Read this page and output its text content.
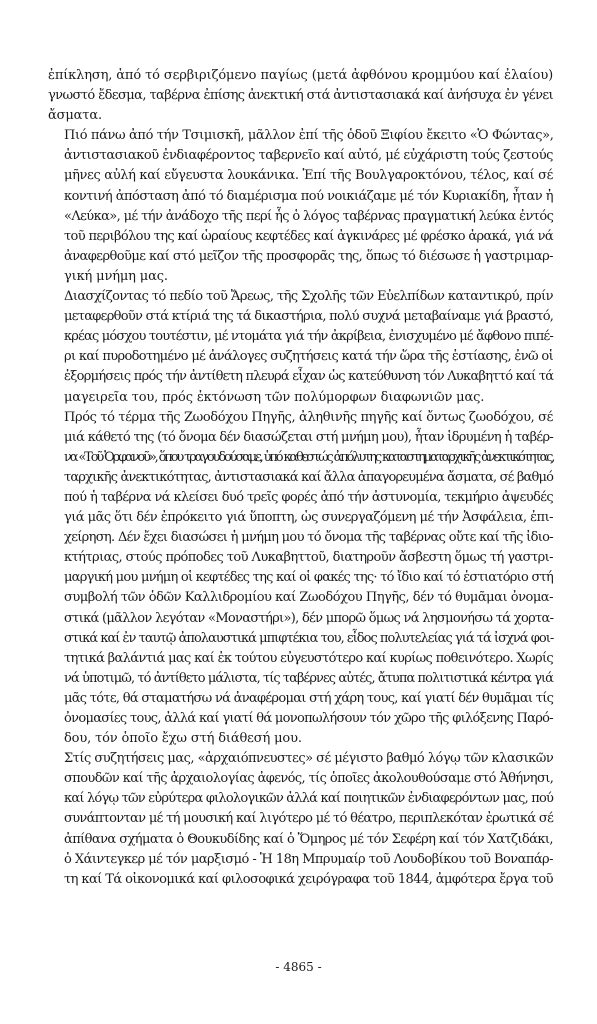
ἐπίκληση, ἀπό τό σερβιριζόμενο παγίως (μετά ἀφθόνου κρομμύου καί ἐλαίου)
γνωστό ἔδεσμα, ταβέρνα ἐπίσης ἀνεκτική στά ἀντιστασιακά καί ἀνήσυχα ἐν γένει
ἄσματα.

Πιό πάνω ἀπό τήν Τσιμισκῆ, μᾶλλον ἐπί τῆς ὁδοῦ Ξιφίου ἔκειτο «Ὁ Φώντας»,
ἀντιστασιακοῦ ἐνδιαφέροντος ταβερνεῖο καί αὐτό, μέ εὐχάριστη τούς ζεστούς
μῆνες αὐλή καί εὔγευστα λουκάνικα. Ἐπί τῆς Βουλγαροκτόνου, τέλος, καί σέ
κοντινή ἀπόσταση ἀπό τό διαμέρισμα πού νοικιάζαμε μέ τόν Κυριακίδη, ἦταν ἡ
«Λεύκα», μέ τήν ἀνάδοχο τῆς περί ἧς ὁ λόγος ταβέρνας πραγματική λεύκα ἐντός
τοῦ περιβόλου της καί ὡραίους κεφτέδες καί ἀγκινάρες μέ φρέσκο ἀρακά, γιά νά
ἀναφερθοῦμε καί στό μεῖζον τῆς προσφορᾶς της, ὅπως τό διέσωσε ἡ γαστριμαρ-
γική μνήμη μας.

Διασχίζοντας τό πεδίο τοῦ Ἄρεως, τῆς Σχολῆς τῶν Εὐελπίδων καταντικρύ, πρίν
μεταφερθοῦν στά κτίριά της τά δικαστήρια, πολύ συχνά μεταβαίναμε γιά βραστό,
κρέας μόσχου τουτέστιν, μέ ντομάτα γιά τήν ἀκρίβεια, ἐνισχυμένο μέ ἄφθονο πιπέ-
ρι καί πυροδοτημένο μέ ἀνάλογες συζητήσεις κατά τήν ὥρα τῆς ἑστίασης, ἐνῶ οἱ
ἐξορμήσεις πρός τήν ἀντίθετη πλευρά εἶχαν ὡς κατεύθυνση τόν Λυκαβηττό καί τά
μαγειρεῖα του, πρός ἐκτόνωση τῶν πολύμορφων διαφωνιῶν μας.

Πρός τό τέρμα τῆς Ζωοδόχου Πηγῆς, ἀληθινῆς πηγῆς καί ὄντως ζωοδόχου, σέ
μιά κάθετό της (τό ὄνομα δέν διασώζεται στή μνήμη μου), ἦταν ἱδρυμένη ἡ ταβέρ-
να «Τοῦ Ὀρφανοῦ», ὅπου τραγουδούσαμε, ὑπό καθεστώς ἀπόλυτης καταστηματαρχικῆς ἀνεκτικότητας,
ταρχικῆς ἀνεκτικότητας, ἀντιστασιακά καί ἄλλα ἀπαγορευμένα ἄσματα, σέ βαθμό
πού ἡ ταβέρνα νά κλείσει δυό τρεῖς φορές ἀπό τήν ἀστυνομία, τεκμήριο ἀψευδές
γιά μᾶς ὅτι δέν ἐπρόκειτο γιά ὕποπτη, ὡς συνεργαζόμενη μέ τήν Ἀσφάλεια, ἐπι-
χείρηση. Δέν ἔχει διασώσει ἡ μνήμη μου τό ὄνομα τῆς ταβέρνας οὔτε καί τῆς ἰδιο-
κτήτριας, στούς πρόποδες τοῦ Λυκαβηττοῦ, διατηροῦν ἄσβεστη ὅμως τή γαστρι-
μαργική μου μνήμη οἱ κεφτέδες της καί οἱ φακές της· τό ἴδιο καί τό ἑστιατόριο στή
συμβολή τῶν ὁδῶν Καλλιδρομίου καί Ζωοδόχου Πηγῆς, δέν τό θυμᾶμαι ὀνομα-
στικά (μᾶλλον λεγόταν «Μοναστήρι»), δέν μπορῶ ὅμως νά λησμονήσω τά χορτα-
στικά καί ἐν ταυτῷ ἀπολαυστικά μπιφτέκια του, εἶδος πολυτελείας γιά τά ἰσχνά φοι-
τητικά βαλάντιά μας καί ἐκ τούτου εὐγευστότερο καί κυρίως ποθεινότερο. Χωρίς
νά ὑποτιμῶ, τό ἀντίθετο μάλιστα, τίς ταβέρνες αὐτές, ἄτυπα πολιτιστικά κέντρα γιά
μᾶς τότε, θά σταματήσω νά ἀναφέρομαι στή χάρη τους, καί γιατί δέν θυμᾶμαι τίς
ὀνομασίες τους, ἀλλά καί γιατί θά μονοπωλήσουν τόν χῶρο τῆς φιλόξενης Παρό-
δου, τόν ὁποῖο ἔχω στή διάθεσή μου.

Στίς συζητήσεις μας, «ἀρχαιόπνευστες» σέ μέγιστο βαθμό λόγῳ τῶν κλασικῶν
σπουδῶν καί τῆς ἀρχαιολογίας ἀφενός, τίς ὁποῖες ἀκολουθούσαμε στό Ἀθήνησι,
καί λόγῳ τῶν εὐρύτερα φιλολογικῶν ἀλλά καί ποιητικῶν ἐνδιαφερόντων μας, πού
συνάπτονταν μέ τή μουσική καί λιγότερο μέ τό θέατρο, περιπλεκόταν ἐρωτικά σέ
ἀπίθανα σχήματα ὁ Θουκυδίδης καί ὁ Ὅμηρος μέ τόν Σεφέρη καί τόν Χατζιδάκι,
ὁ Χάιντεγκερ μέ τόν μαρξισμό - Ἡ 18η Μπρυμαίρ τοῦ Λουδοβίκου τοῦ Βοναπάρ-
τη καί Τά οἰκονομικά καί φιλοσοφικά χειρόγραφα τοῦ 1844, ἀμφότερα ἔργα τοῦ

- 4865 -
